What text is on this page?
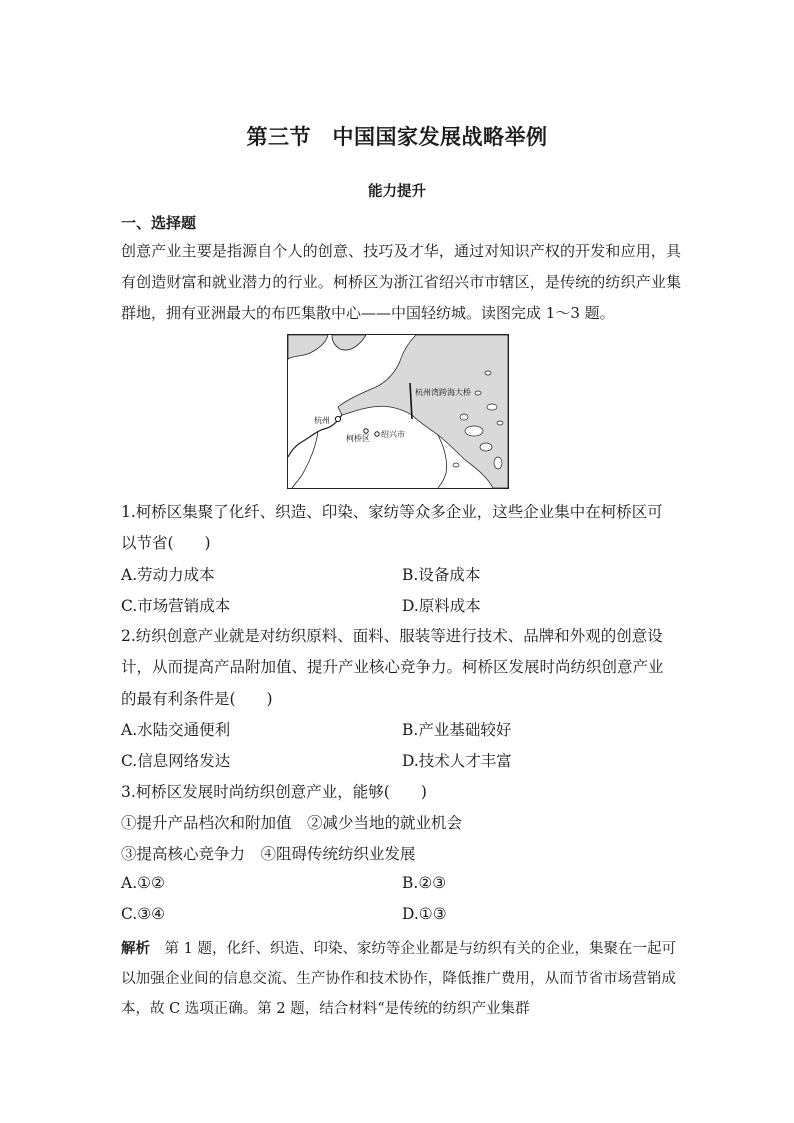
第三节　中国国家发展战略举例
能力提升
一、选择题
创意产业主要是指源自个人的创意、技巧及才华，通过对知识产权的开发和应用，具有创造财富和就业潜力的行业。柯桥区为浙江省绍兴市市辖区，是传统的纺织产业集群地，拥有亚洲最大的布匹集散中心——中国轻纺城。读图完成 1～3 题。
杭州
柯桥区 绍兴市
杭州湾跨海大桥
1.柯桥区集聚了化纤、织造、印染、家纺等众多企业，这些企业集中在柯桥区可
以节省(　　)
A.劳动力成本	B.设备成本
C.市场营销成本	D.原料成本
2.纺织创意产业就是对纺织原料、面料、服装等进行技术、品牌和外观的创意设
计，从而提高产品附加值、提升产业核心竞争力。柯桥区发展时尚纺织创意产业
的最有利条件是(　　)
A.水陆交通便利	B.产业基础较好
C.信息网络发达	D.技术人才丰富
3.柯桥区发展时尚纺织创意产业，能够(　　)
①提升产品档次和附加值　②减少当地的就业机会
③提高核心竞争力　④阻碍传统纺织业发展
A.①②	B.②③
C.③④	D.①③
解析　第 1 题，化纤、织造、印染、家纺等企业都是与纺织有关的企业，集聚在一起可以加强企业间的信息交流、生产协作和技术协作，降低推广费用，从而节省市场营销成本，故 C 选项正确。第 2 题，结合材料“是传统的纺织产业集群
